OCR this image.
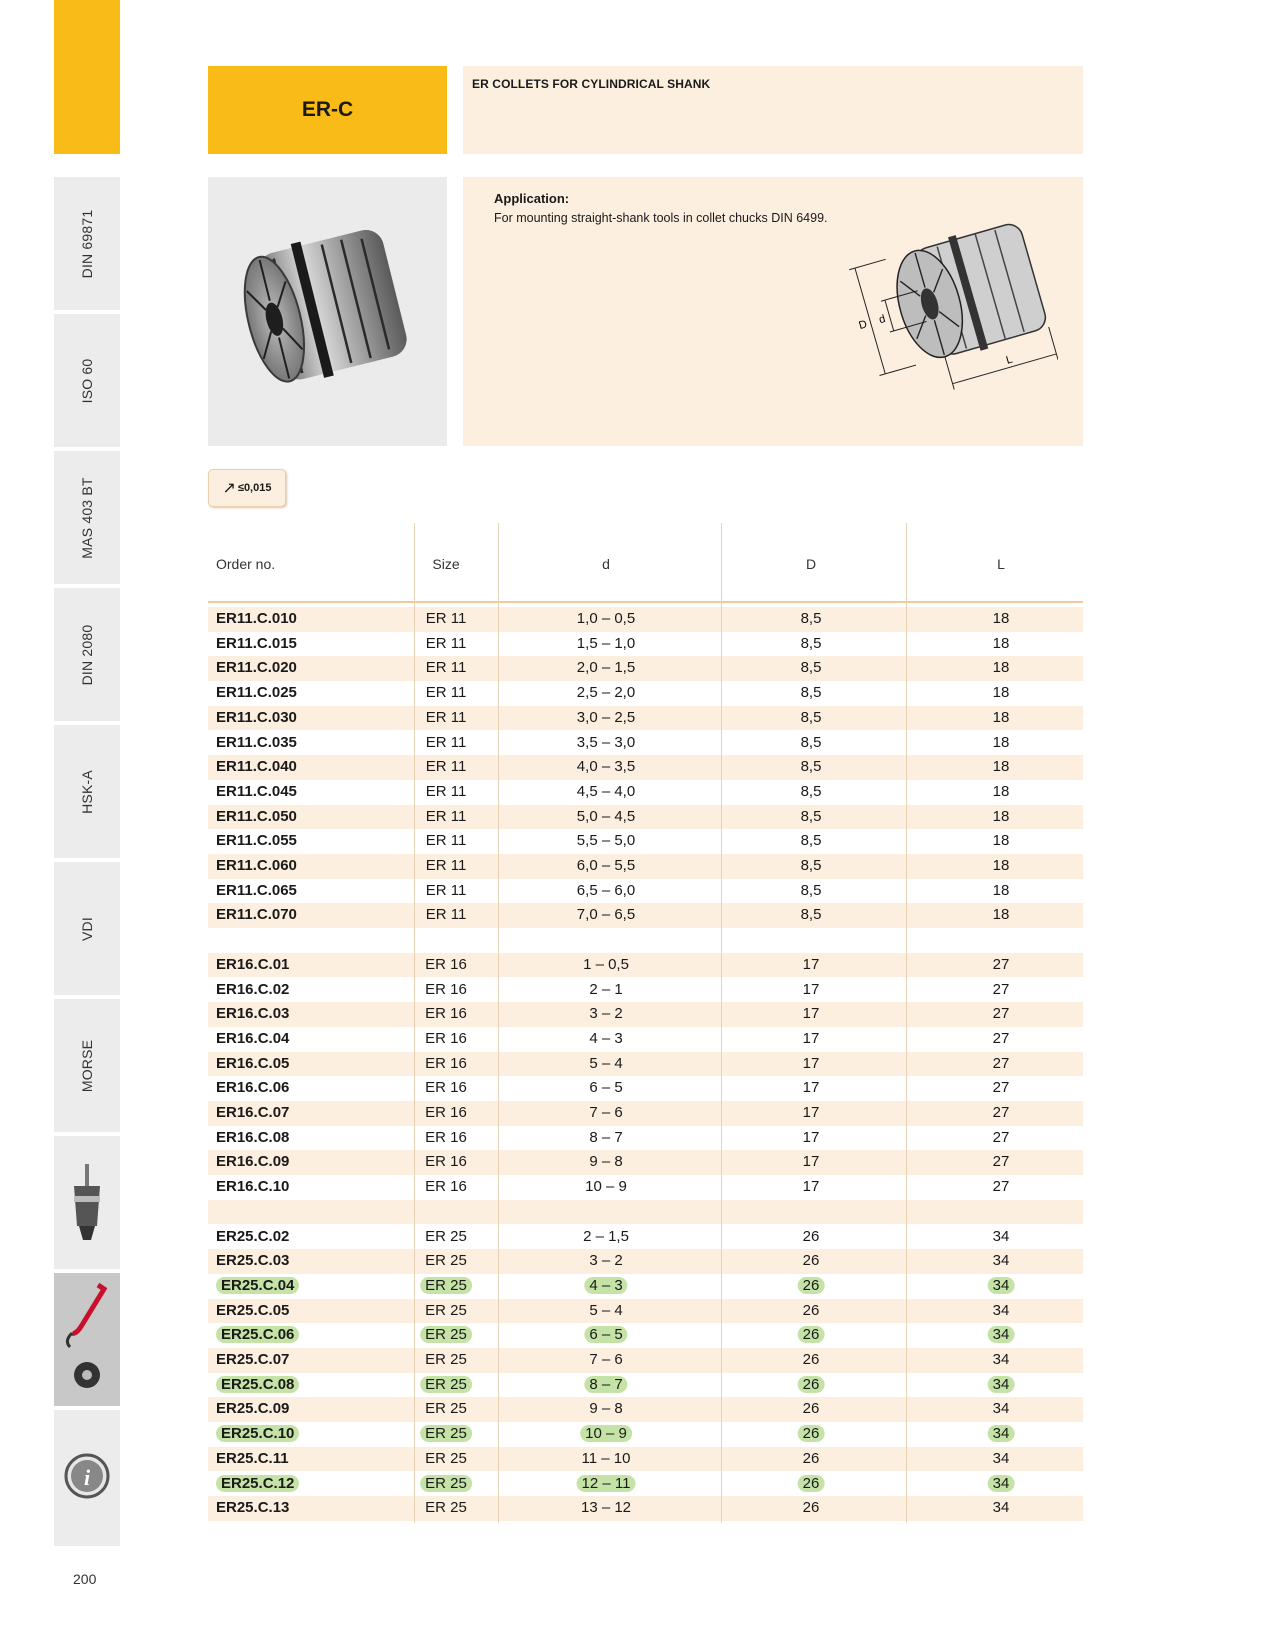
DIN 69871
ISO 60
MAS 403 BT
DIN 2080
HSK-A
VDI
MORSE
i
ER-C
ER COLLETS FOR CYLINDRICAL SHANK
Application:
For mounting straight-shank tools in collet chucks DIN 6499.
D d
L
↗ ≤0,015
ER11.C.010	ER 11	1,0 – 0,5	8,5	18
ER11.C.015	ER 11	1,5 – 1,0	8,5	18
ER11.C.020	ER 11	2,0 – 1,5	8,5	18
ER11.C.025	ER 11	2,5 – 2,0	8,5	18
ER11.C.030	ER 11	3,0 – 2,5	8,5	18
ER11.C.035	ER 11	3,5 – 3,0	8,5	18
ER11.C.040	ER 11	4,0 – 3,5	8,5	18
ER11.C.045	ER 11	4,5 – 4,0	8,5	18
ER11.C.050	ER 11	5,0 – 4,5	8,5	18
ER11.C.055	ER 11	5,5 – 5,0	8,5	18
ER11.C.060	ER 11	6,0 – 5,5	8,5	18
ER11.C.065	ER 11	6,5 – 6,0	8,5	18
ER11.C.070	ER 11	7,0 – 6,5	8,5	18
ER16.C.01	ER 16	1 – 0,5	17	27
ER16.C.02	ER 16	2 – 1	17	27
ER16.C.03	ER 16	3 – 2	17	27
ER16.C.04	ER 16	4 – 3	17	27
ER16.C.05	ER 16	5 – 4	17	27
ER16.C.06	ER 16	6 – 5	17	27
ER16.C.07	ER 16	7 – 6	17	27
ER16.C.08	ER 16	8 – 7	17	27
ER16.C.09	ER 16	9 – 8	17	27
ER16.C.10	ER 16	10 – 9	17	27
ER25.C.02	ER 25	2 – 1,5	26	34
ER25.C.03	ER 25	3 – 2	26	34
ER25.C.04	ER 25	4 – 3	26	34
ER25.C.05	ER 25	5 – 4	26	34
ER25.C.06	ER 25	6 – 5	26	34
ER25.C.07	ER 25	7 – 6	26	34
ER25.C.08	ER 25	8 – 7	26	34
ER25.C.09	ER 25	9 – 8	26	34
ER25.C.10	ER 25	10 – 9	26	34
ER25.C.11	ER 25	11 – 10	26	34
ER25.C.12	ER 25	12 – 11	26	34
ER25.C.13	ER 25	13 – 12	26	34
Order no.	Size	d	D	L
200
